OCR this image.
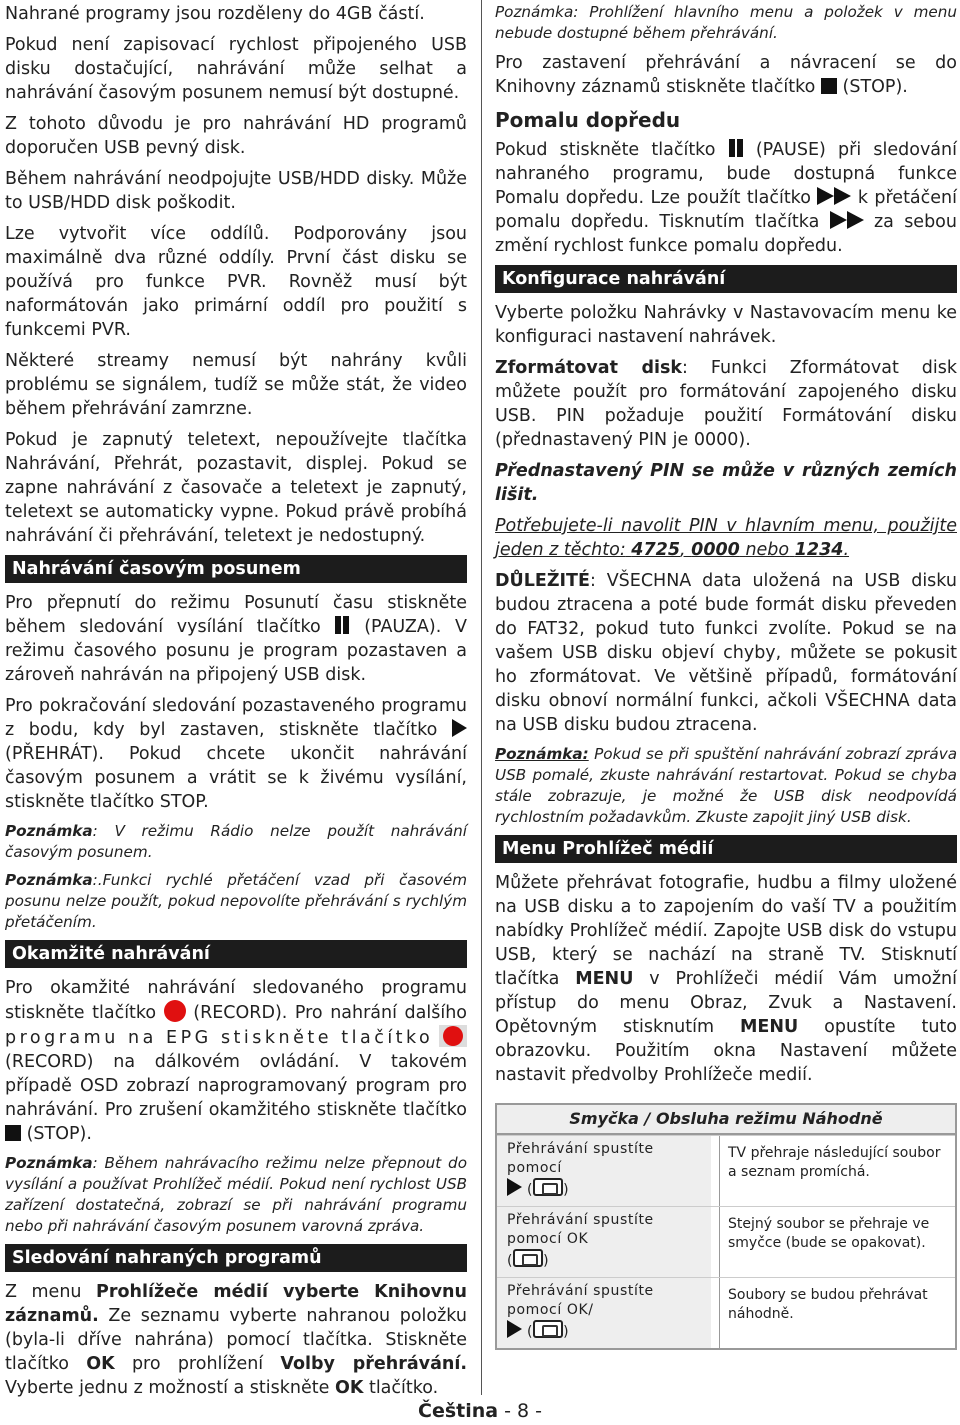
Nahrané programy jsou rozděleny do 4GB částí.

Pokud není zapisovací rychlost připojeného USB disku dostačující, nahrávání může selhat a nahrávání časovým posunem nemusí být dostupné.

Z tohoto důvodu je pro nahrávání HD programů doporučen USB pevný disk.

Během nahrávání neodpojujte USB/HDD disky. Může to USB/HDD disk poškodit.

Lze vytvořit více oddílů. Podporovány jsou maximálně dva různé oddíly. První část disku se používá pro funkce PVR. Rovněž musí být naformátován jako primární oddíl pro použití s funkcemi PVR.

Některé streamy nemusí být nahrány kvůli problému se signálem, tudíž se může stát, že video během přehrávání zamrzne.

Pokud je zapnutý teletext, nepoužívejte tlačítka Nahrávání, Přehrát, pozastavit, displej. Pokud se zapne nahrávání z časovače a teletext je zapnutý, teletext se automaticky vypne. Pokud právě probíhá nahrávání či přehrávání, teletext je nedostupný.

Nahrávání časovým posunem

Pro přepnutí do režimu Posunutí času stiskněte během sledování vysílání tlačítko (PAUZA). V režimu časového posunu je program pozastaven a zároveň nahráván na připojený USB disk.

Pro pokračování sledování pozastaveného programu z bodu, kdy byl zastaven, stiskněte tlačítko  (PŘEHRÁT). Pokud chcete ukončit nahrávání časovým posunem a vrátit se k živému vysílání, stiskněte tlačítko STOP.

Poznámka: V režimu Rádio nelze použít nahrávání časovým posunem.

Poznámka:.Funkci rychlé přetáčení vzad při časovém posunu nelze použít, pokud nepovolíte přehrávání s rychlým přetáčením.

Okamžité nahrávání

Pro okamžité nahrávání sledovaného programu stiskněte tlačítko (RECORD). Pro nahrání dalšího programu na EPG stiskněte tlačítko  (RECORD) na dálkovém ovládání. V takovém případě OSD zobrazí naprogramovaný program pro nahrávání. Pro zrušení okamžitého stiskněte tlačítko  (STOP).

Poznámka: Během nahrávacího režimu nelze přepnout do vysílání a používat Prohlížeč médií. Pokud není rychlost USB zařízení dostatečná, zobrazí se při nahrávání programu nebo při nahrávání časovým posunem varovná zpráva.

Sledování nahraných programů

Z menu Prohlížeče médií vyberte Knihovnu záznamů. Ze seznamu vyberte nahranou položku (byla-li dříve nahrána) pomocí tlačítka. Stiskněte tlačítko OK pro prohlížení Volby přehrávání. Vyberte jednu z možností a stiskněte OK tlačítko.

Poznámka: Prohlížení hlavního menu a položek v menu nebude dostupné během přehrávání.

Pro zastavení přehrávání a návracení se do Knihovny záznamů stiskněte tlačítko (STOP).

Pomalu dopředu

Pokud stiskněte tlačítko (PAUSE) při sledování nahraného programu, bude dostupná funkce Pomalu dopředu. Lze použít tlačítko	k přetáčení pomalu dopředu. Tisknutím tlačítka	za sebou změní rychlost funkce pomalu dopředu.

Konfigurace nahrávání

Vyberte položku Nahrávky v Nastavovacím menu ke konfiguraci nastavení nahrávek.

Zformátovat disk: Funkci Zformátovat disk můžete použít pro formátování zapojeného disku USB. PIN požaduje použití Formátování disku (přednastavený PIN je 0000).

Přednastavený PIN se může v různých zemích lišit.

Potřebujete-li navolit PIN v hlavním menu, použijte jeden z těchto: 4725, 0000 nebo 1234.

DŮLEŽITÉ: VŠECHNA data uložená na USB disku budou ztracena a poté bude formát disku převeden do FAT32, pokud tuto funkci zvolíte. Pokud se na vašem USB disku objeví chyby, můžete se pokusit ho zformátovat. Ve většině případů, formátování disku obnoví normální funkci, ačkoli VŠECHNA data na USB disku budou ztracena.

Poznámka: Pokud se při spuštění nahrávání zobrazí zpráva USB pomalé, zkuste nahrávání restartovat. Pokud se chyba stále zobrazuje, je možné že USB disk neodpovídá rychlostním požadavkům. Zkuste zapojit jiný USB disk.

Menu Prohlížeč médií

Můžete přehrávat fotografie, hudbu a filmy uložené na USB disku a to zapojením do vaší TV a použitím nabídky Prohlížeč médií. Zapojte USB disk do vstupu USB, který se nachází na straně TV. Stisknutí tlačítka MENU v Prohlížeči médií Vám umožní přístup do menu Obraz, Zvuk a Nastavení. Opětovným stisknutím MENU opustíte tuto obrazovku. Použitím okna Nastavení můžete nastavit předvolby Prohlížeče medií.

Smyčka / Obsluha režimu Náhodně
Přehrávání spustíte pomocí
( )
TV přehraje následující soubor a seznam promíchá.
Přehrávání spustíte pomocí OK
( )
Stejný soubor se přehraje ve smyčce (bude se opakovat).
Přehrávání spustíte pomocí OK/
( )
Soubory se budou přehrávat náhodně.
Čeština - 8 -
